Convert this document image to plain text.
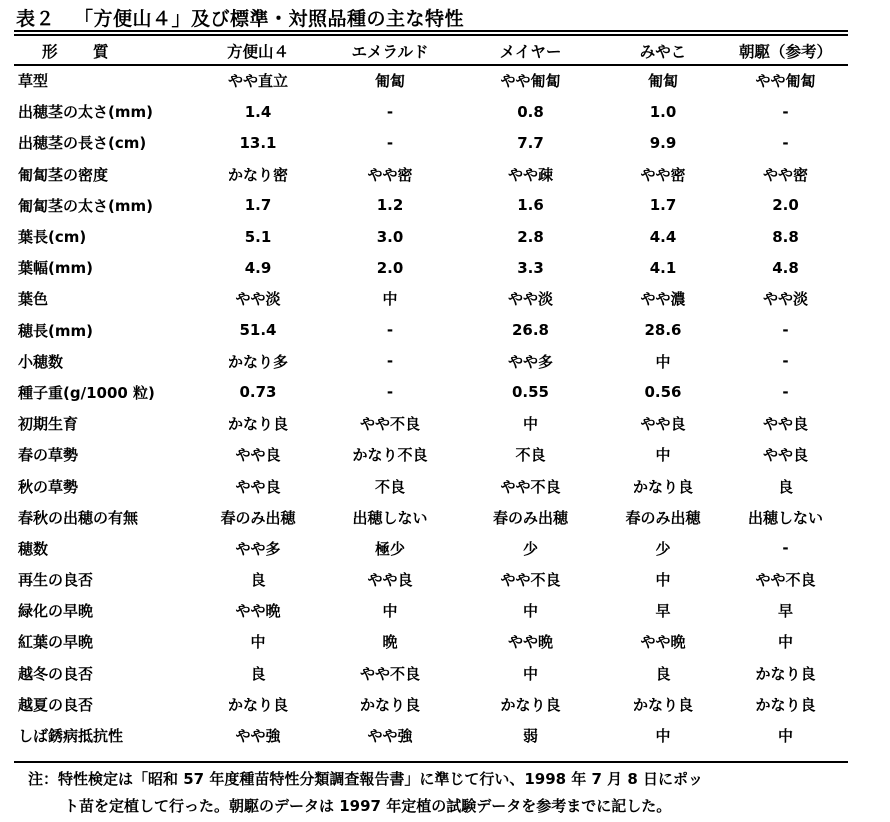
表２ 「方便山４」及び標準・対照品種の主な特性
形　質	方便山４	エメラルド	メイヤー	みやこ	朝駆（参考）
草型	やや直立	匍匐	やや匍匐	匍匐	やや匍匐
出穂茎の太さ(mm)	1.4	-	0.8	1.0	-
出穂茎の長さ(cm)	13.1	-	7.7	9.9	-
匍匐茎の密度	かなり密	やや密	やや疎	やや密	やや密
匍匐茎の太さ(mm)	1.7	1.2	1.6	1.7	2.0
葉長(cm)	5.1	3.0	2.8	4.4	8.8
葉幅(mm)	4.9	2.0	3.3	4.1	4.8
葉色	やや淡	中	やや淡	やや濃	やや淡
穂長(mm)	51.4	-	26.8	28.6	-
小穂数	かなり多	-	やや多	中	-
種子重(g/1000 粒)	0.73	-	0.55	0.56	-
初期生育	かなり良	やや不良	中	やや良	やや良
春の草勢	やや良	かなり不良	不良	中	やや良
秋の草勢	やや良	不良	やや不良	かなり良	良
春秋の出穂の有無	春のみ出穂	出穂しない	春のみ出穂	春のみ出穂	出穂しない
穂数	やや多	極少	少	少	-
再生の良否	良	やや良	やや不良	中	やや不良
緑化の早晩	やや晩	中	中	早	早
紅葉の早晩	中	晩	やや晩	やや晩	中
越冬の良否	良	やや不良	中	良	かなり良
越夏の良否	かなり良	かなり良	かなり良	かなり良	かなり良
しば銹病抵抗性	やや強	やや強	弱	中	中
注：特性検定は「昭和 57 年度種苗特性分類調査報告書」に準じて行い、1998 年 7 月 8 日にポッ
ト苗を定植して行った。朝駆のデータは 1997 年定植の試験データを参考までに記した。
